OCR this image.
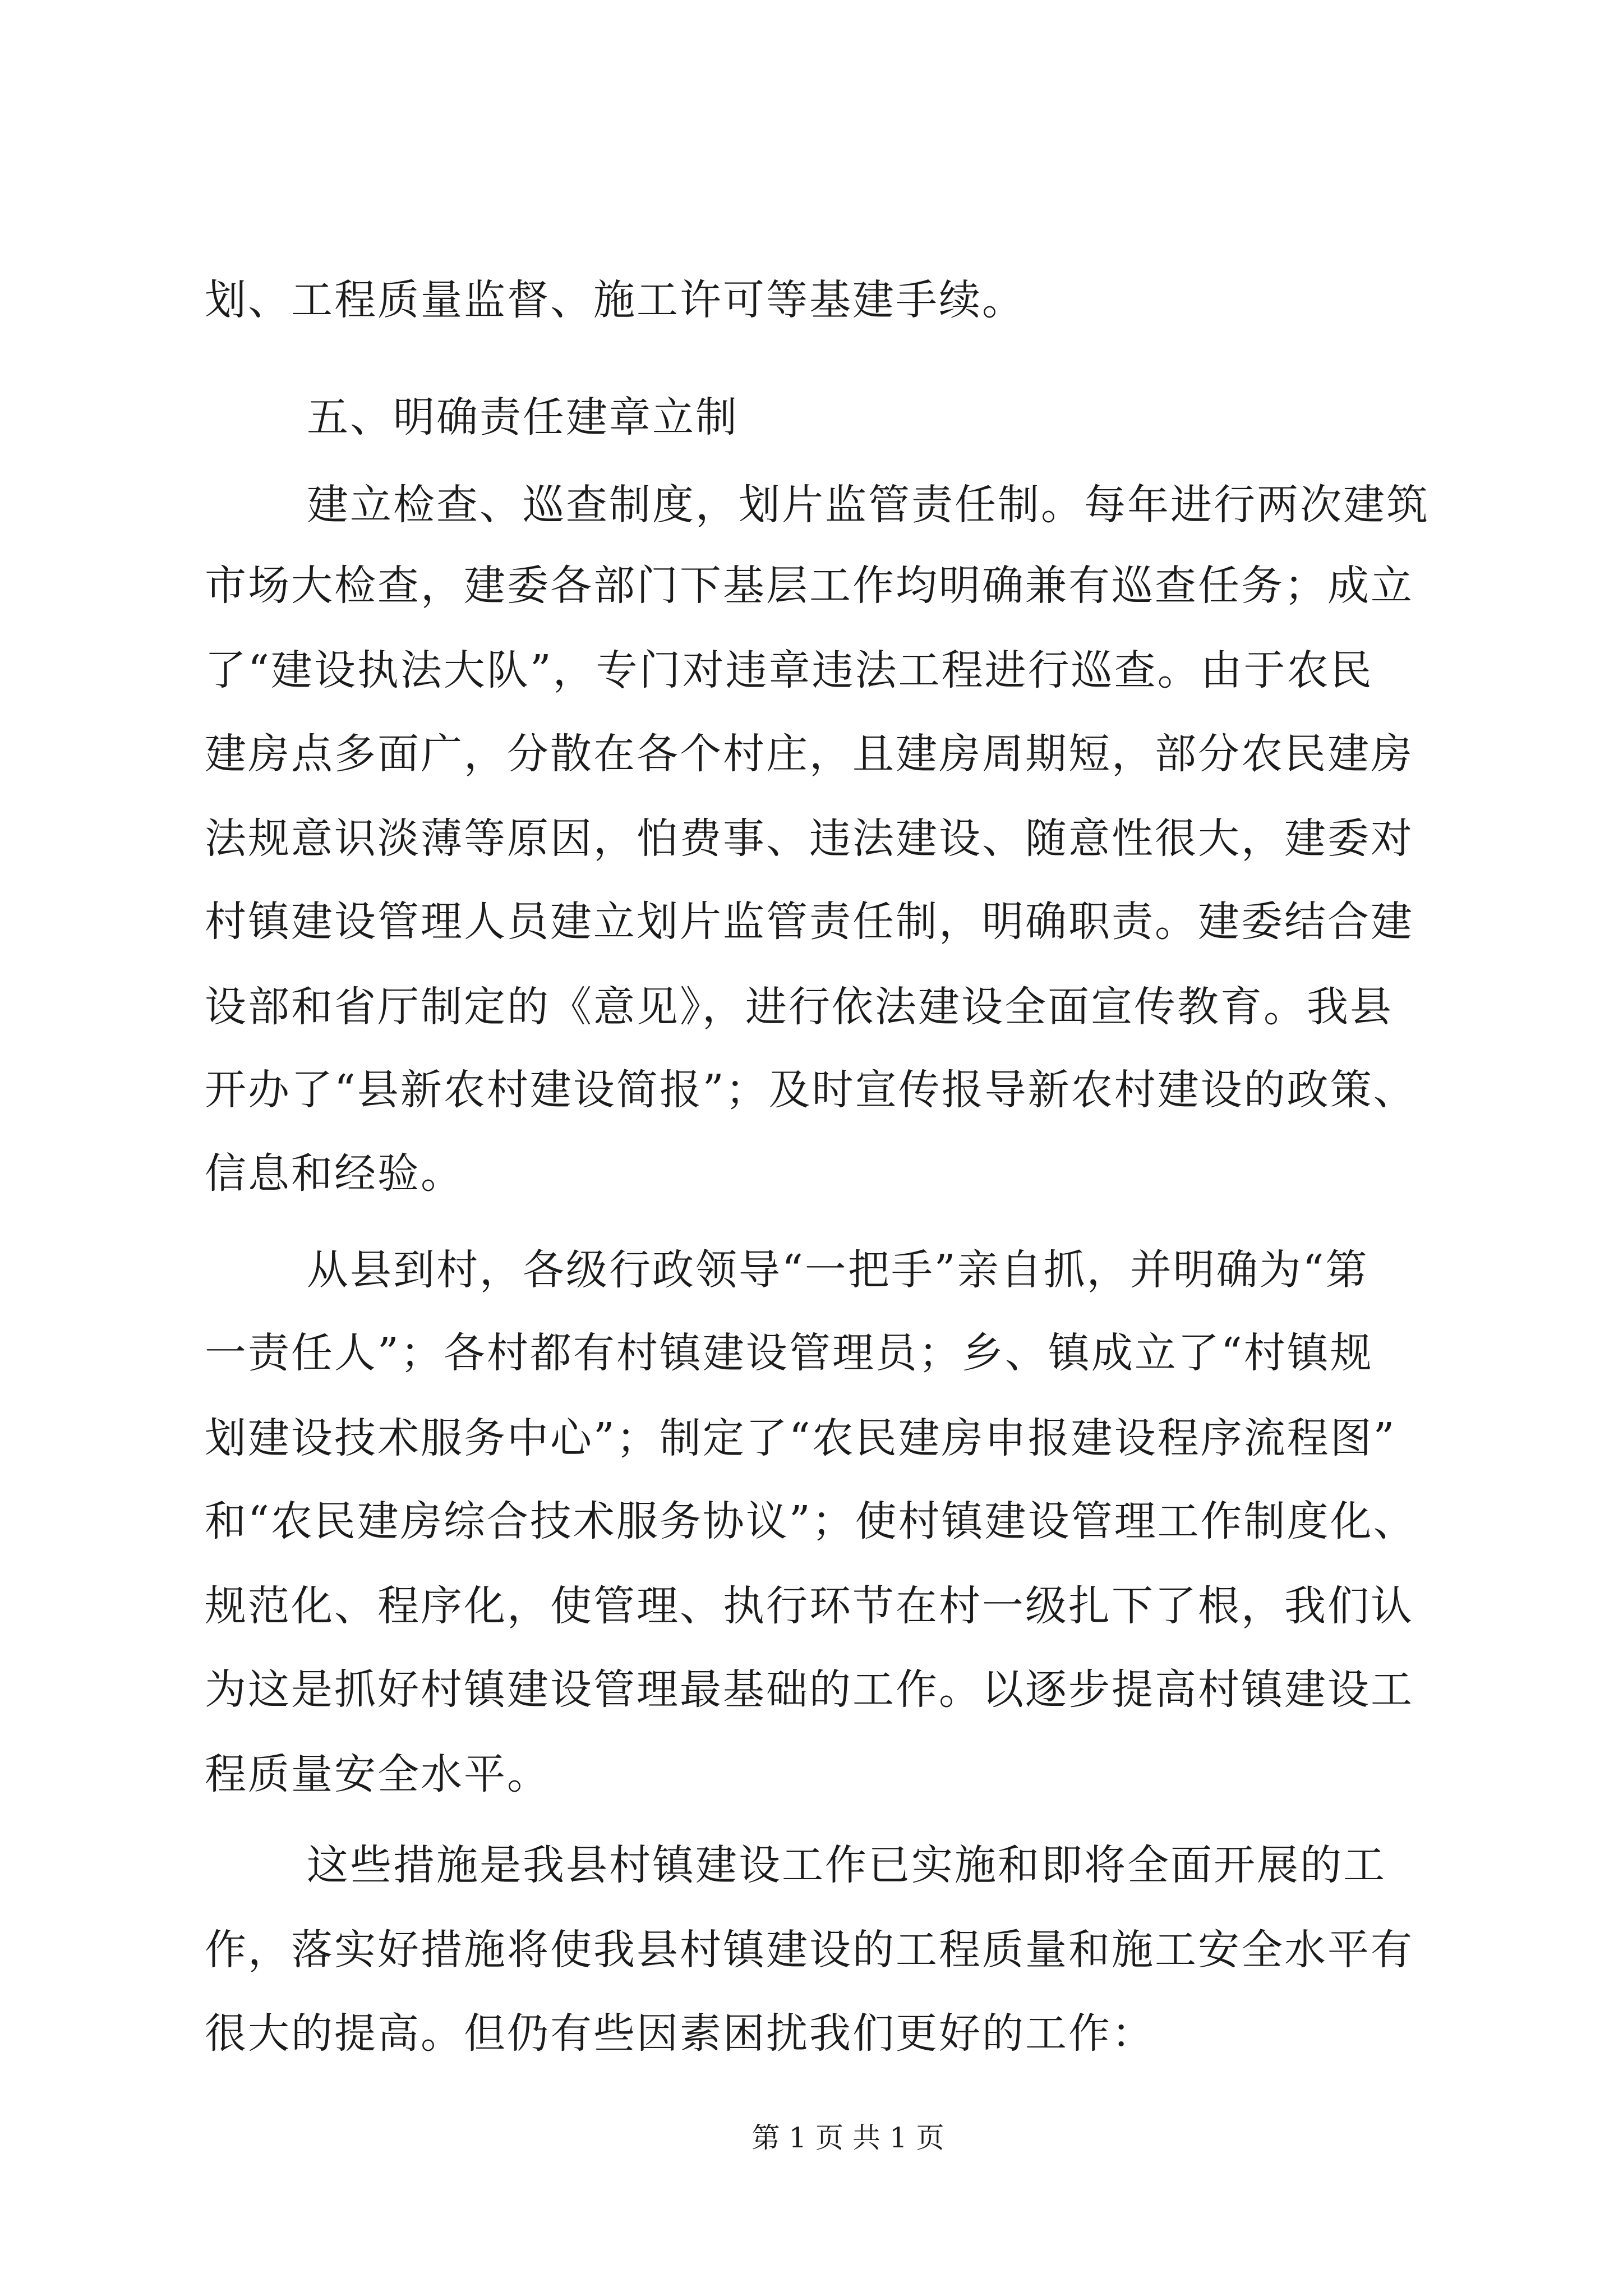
划、工程质量监督、施工许可等基建手续。
五、明确责任建章立制
建立检查、巡查制度，划片监管责任制。每年进行两次建筑
市场大检查，建委各部门下基层工作均明确兼有巡查任务；成立
了“建设执法大队”，专门对违章违法工程进行巡查。由于农民
建房点多面广，分散在各个村庄，且建房周期短，部分农民建房
法规意识淡薄等原因，怕费事、违法建设、随意性很大，建委对
村镇建设管理人员建立划片监管责任制，明确职责。建委结合建
设部和省厅制定的《意见》，进行依法建设全面宣传教育。我县
开办了“县新农村建设简报”；及时宣传报导新农村建设的政策、
信息和经验。
从县到村，各级行政领导“一把手”亲自抓，并明确为“第
一责任人”；各村都有村镇建设管理员；乡、镇成立了“村镇规
划建设技术服务中心”；制定了“农民建房申报建设程序流程图”
和“农民建房综合技术服务协议”；使村镇建设管理工作制度化、
规范化、程序化，使管理、执行环节在村一级扎下了根，我们认
为这是抓好村镇建设管理最基础的工作。以逐步提高村镇建设工
程质量安全水平。
这些措施是我县村镇建设工作已实施和即将全面开展的工
作，落实好措施将使我县村镇建设的工程质量和施工安全水平有
很大的提高。但仍有些因素困扰我们更好的工作：
第 1 页 共 1 页
